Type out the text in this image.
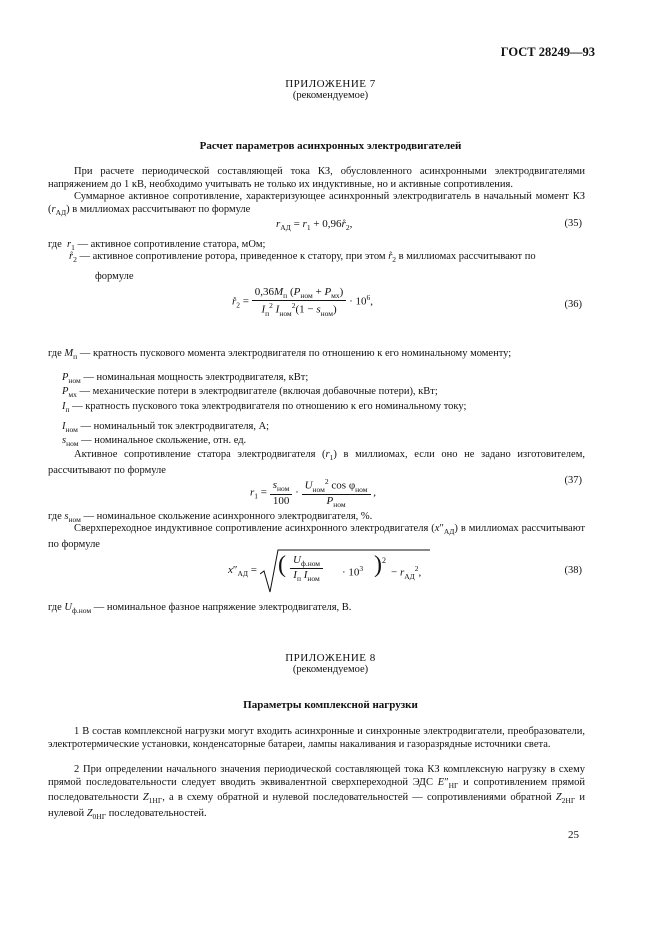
ГОСТ 28249—93
ПРИЛОЖЕНИЕ 7
(рекомендуемое)
Расчет параметров асинхронных электродвигателей

При расчете периодической составляющей тока КЗ, обусловленного асинхронными электродвигателями напряжением до 1 кВ, необходимо учитывать не только их индуктивные, но и активные сопротивления.

Суммарное активное сопротивление, характеризующее асинхронный электродвигатель в начальный момент КЗ $(r_{АД})$ в миллиомах рассчитывают по формуле

$r_{АД} = r_1$ + $0,96r̊_2$,	(35)
где  $r_1$ — активное сопротивление статора, мОм;

$r̊_2$ — активное сопротивление ротора, приведенное к статору, при этом $r̊_2$ в миллиомах рассчитывают по

формуле

$r̊_2 = \frac{0,36M_п (P_{ном} + P_{мх})}{I_п^2 I_{ном}^2(1 - s_{ном})} \cdot 10^6$,	(36)
где $M_п$ — кратность пускового момента электродвигателя по отношению к его номинальному моменту;
$P_{ном}$ — номинальная мощность электродвигателя, кВт;
$P_{мх}$ — механические потери в электродвигателе (включая добавочные потери), кВт;
$I_п$ — кратность пускового тока электродвигателя по отношению к его номинальному току;
$I_{ном}$ — номинальный ток электродвигателя, А;
$s_{ном}$ — номинальное скольжение, отн. ед.

Активное сопротивление статора электродвигателя $(r_1)$ в миллиомах, если оно не задано изготовителем, рассчитывают по формуле

$r_1 = \frac{s_{ном}}{100} \cdot \frac{U_{ном}^2 \cos \varphi_{ном}}{P_{ном}}$ ,
(37)
где $s_{ном}$ — номинальное скольжение асинхронного электродвигателя, %.

Сверхпереходное индуктивное сопротивление асинхронного электродвигателя $(x''_{АД})$ в миллиомах рассчитывают по формуле

$x''_{АД}$ = ( $U_{ф.ном}$
$I_п$ $I_{ном}$
· $10^3$ )$^2$
− $r_{АД}^2$,	(38)
где $U_{ф.ном}$ — номинальное фазное напряжение электродвигателя, В.
ПРИЛОЖЕНИЕ 8
(рекомендуемое)
Параметры комплексной нагрузки

1 В состав комплексной нагрузки могут входить асинхронные и синхронные электродвигатели, преобразователи, электротермические установки, конденсаторные батареи, лампы накаливания и газоразрядные источники света.

2 При определении начального значения периодической составляющей тока КЗ комплексную нагрузку в схему прямой последовательности следует вводить эквивалентной сверхпереходной ЭДС $E''_{НГ}$ и сопротивлением прямой последовательности $Z_{1НГ}$, а в схему обратной и нулевой последовательностей — сопротивлениями обратной $Z_{2НГ}$ и нулевой $Z_{0НГ}$ последовательностей.

25
